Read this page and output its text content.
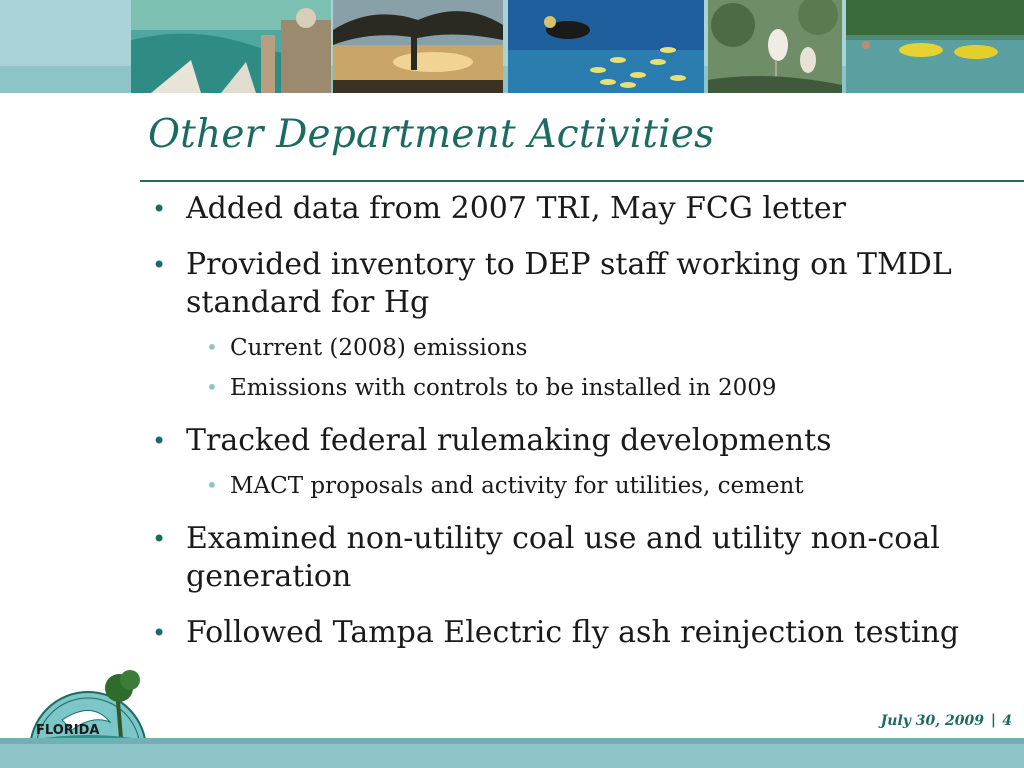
Other Department Activities
• Added data from 2007 TRI, May FCG letter
• Provided inventory to DEP staff working on TMDL standard for Hg
• Current (2008) emissions
• Emissions with controls to be installed in 2009
• Tracked federal rulemaking developments
• MACT proposals and activity for utilities, cement
• Examined non-utility coal use and utility non-coal generation
• Followed Tampa Electric fly ash reinjection testing
FLORIDA
July 30, 2009 | 4
